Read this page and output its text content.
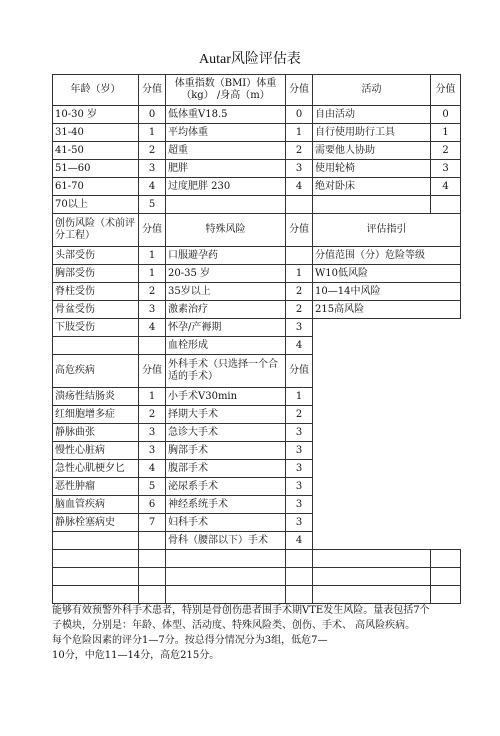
Autar风险评估表
年龄（岁）	分值	体重指数（BMI）体重（kg） /身高（m）	分值	活动	分值
10-30 岁	0	低体重V18.5	0	自由活动	0
31-40	1	平均体重	1	自行使用助行工具	1
41-50	2	超重	2	需要他人协助	2
51—60	3	肥胖	3	使用轮椅	3
61-70	4	过度肥胖 230	4	绝对卧床	4
70以上	5				
创伤风险（术前评分工程）	分值	特殊风险	分值	评估指引	
头部受伤	1	口服避孕药		分值范围（分）危险等级	
胸部受伤	1	20-35 岁	1	W10低风险	
脊柱受伤	2	35岁以上	2	10—14中风险	
骨盆受伤	3	激素治疗	2	215高风险	
下肢受伤	4	怀孕/产褥期	3		
		血栓形成	4		
高危疾病	分值	外科手术（只选择一个合 适的手术）	分值		
溃疡性结肠炎	1	小手术V30min	1		
红细胞增多症	2	择期大手术	2		
静脉曲张	3	急诊大手术	3		
慢性心脏病	3	胸部手术	3		
急性心肌梗夕匕	4	腹部手术	3		
恶性肿瘤	5	泌尿系手术	3		
脑血管疾病	6	神经系统手术	3		
静脉栓塞病史	7	妇科手术	3		
		骨科（腰部以下）手术	4		

能够有效预警外科手术患者，特别是骨创伤患者围手术期VTE发生风险。量表包括7个

子模块，分别是：年龄、体型、活动度、特殊风险类、创伤、手术、 高风险疾病。

每个危险因素的评分1—7分。按总得分情况分为3组，低危7—

10分，中危11—14分，高危215分。
